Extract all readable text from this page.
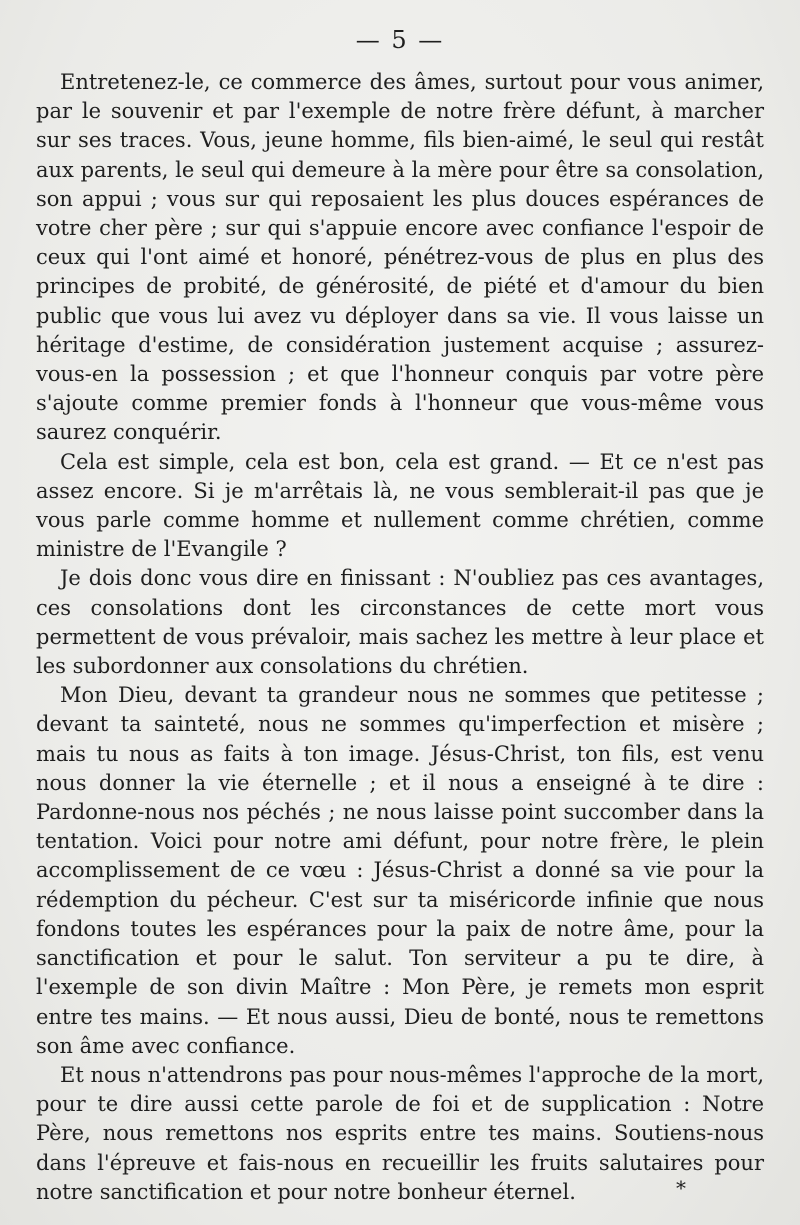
— 5 —

Entretenez-le, ce commerce des âmes, surtout pour vous animer, par le souvenir et par l'exemple de notre frère défunt, à marcher sur ses traces. Vous, jeune homme, fils bien-aimé, le seul qui restât aux parents, le seul qui demeure à la mère pour être sa consolation, son appui ; vous sur qui reposaient les plus douces espérances de votre cher père ; sur qui s'appuie encore avec confiance l'espoir de ceux qui l'ont aimé et honoré, pénétrez-vous de plus en plus des principes de probité, de générosité, de piété et d'amour du bien public que vous lui avez vu déployer dans sa vie. Il vous laisse un héritage d'estime, de considération justement acquise ; assurez-vous-en la possession ; et que l'honneur conquis par votre père s'ajoute comme premier fonds à l'honneur que vous-même vous saurez conquérir.

Cela est simple, cela est bon, cela est grand. — Et ce n'est pas assez encore. Si je m'arrêtais là, ne vous semblerait-il pas que je vous parle comme homme et nullement comme chrétien, comme ministre de l'Evangile ?

Je dois donc vous dire en finissant : N'oubliez pas ces avantages, ces consolations dont les circonstances de cette mort vous permettent de vous prévaloir, mais sachez les mettre à leur place et les subordonner aux consolations du chrétien.

Mon Dieu, devant ta grandeur nous ne sommes que petitesse ; devant ta sainteté, nous ne sommes qu'imperfection et misère ; mais tu nous as faits à ton image. Jésus-Christ, ton fils, est venu nous donner la vie éternelle ; et il nous a enseigné à te dire : Pardonne-nous nos péchés ; ne nous laisse point succomber dans la tentation. Voici pour notre ami défunt, pour notre frère, le plein accomplissement de ce vœu : Jésus-Christ a donné sa vie pour la rédemption du pécheur. C'est sur ta miséricorde infinie que nous fondons toutes les espérances pour la paix de notre âme, pour la sanctification et pour le salut. Ton serviteur a pu te dire, à l'exemple de son divin Maître : Mon Père, je remets mon esprit entre tes mains. — Et nous aussi, Dieu de bonté, nous te remettons son âme avec confiance.

Et nous n'attendrons pas pour nous-mêmes l'approche de la mort, pour te dire aussi cette parole de foi et de supplication : Notre Père, nous remettons nos esprits entre tes mains. Soutiens-nous dans l'épreuve et fais-nous en recueillir les fruits salutaires pour notre sanctification et pour notre bonheur éternel.	*
